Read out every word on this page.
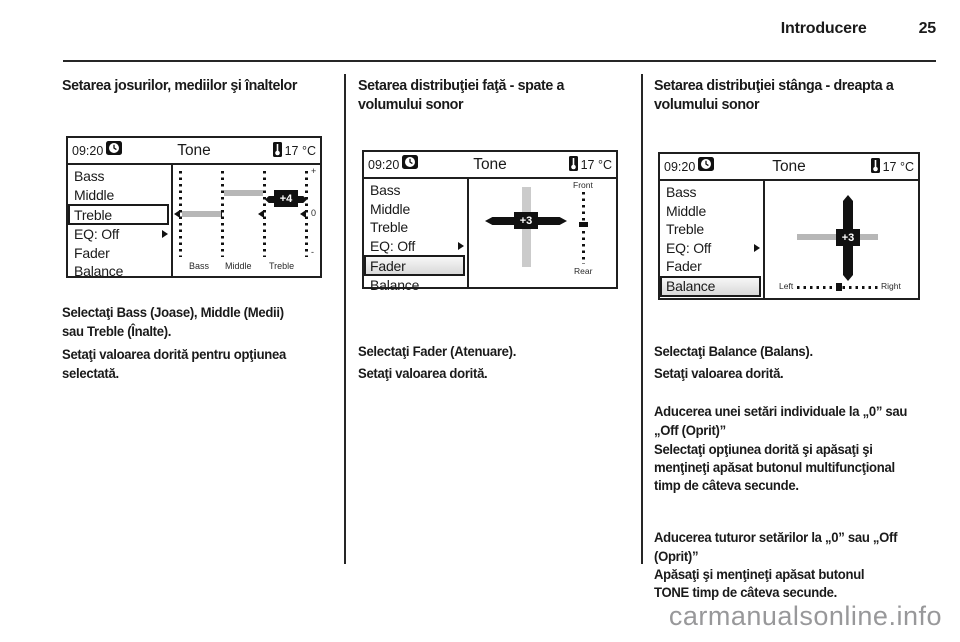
Introducere	25
Setarea josurilor, mediilor şi înaltelor
09:20	Tone	17 °C
Bass
Middle
Treble
EQ: Off
Fader
Balance
+4
+
0
-
Bass Middle Treble
Selectaţi Bass (Joase), Middle (Medii) sau Treble (Înalte).
Setaţi valoarea dorită pentru opţiunea selectată.
Setarea distribuţiei faţă - spate a volumului sonor
09:20	Tone	17 °C
Bass
Middle
Treble
EQ: Off
Fader
Balance
+3
Front
Rear
Selectaţi Fader (Atenuare).
Setaţi valoarea dorită.
Setarea distribuţiei stânga - dreapta a volumului sonor
09:20	Tone	17 °C
Bass
Middle
Treble
EQ: Off
Fader
Balance
+3
Left	Right
Selectaţi Balance (Balans).
Setaţi valoarea dorită.
Aducerea unei setări individuale la „0” sau „Off (Oprit)”
Selectaţi opţiunea dorită şi apăsaţi şi menţineţi apăsat butonul multifuncţional timp de câteva secunde.
Aducerea tuturor setărilor la „0” sau „Off (Oprit)”
Apăsaţi şi menţineţi apăsat butonul TONE timp de câteva secunde.
carmanualsonline.info
